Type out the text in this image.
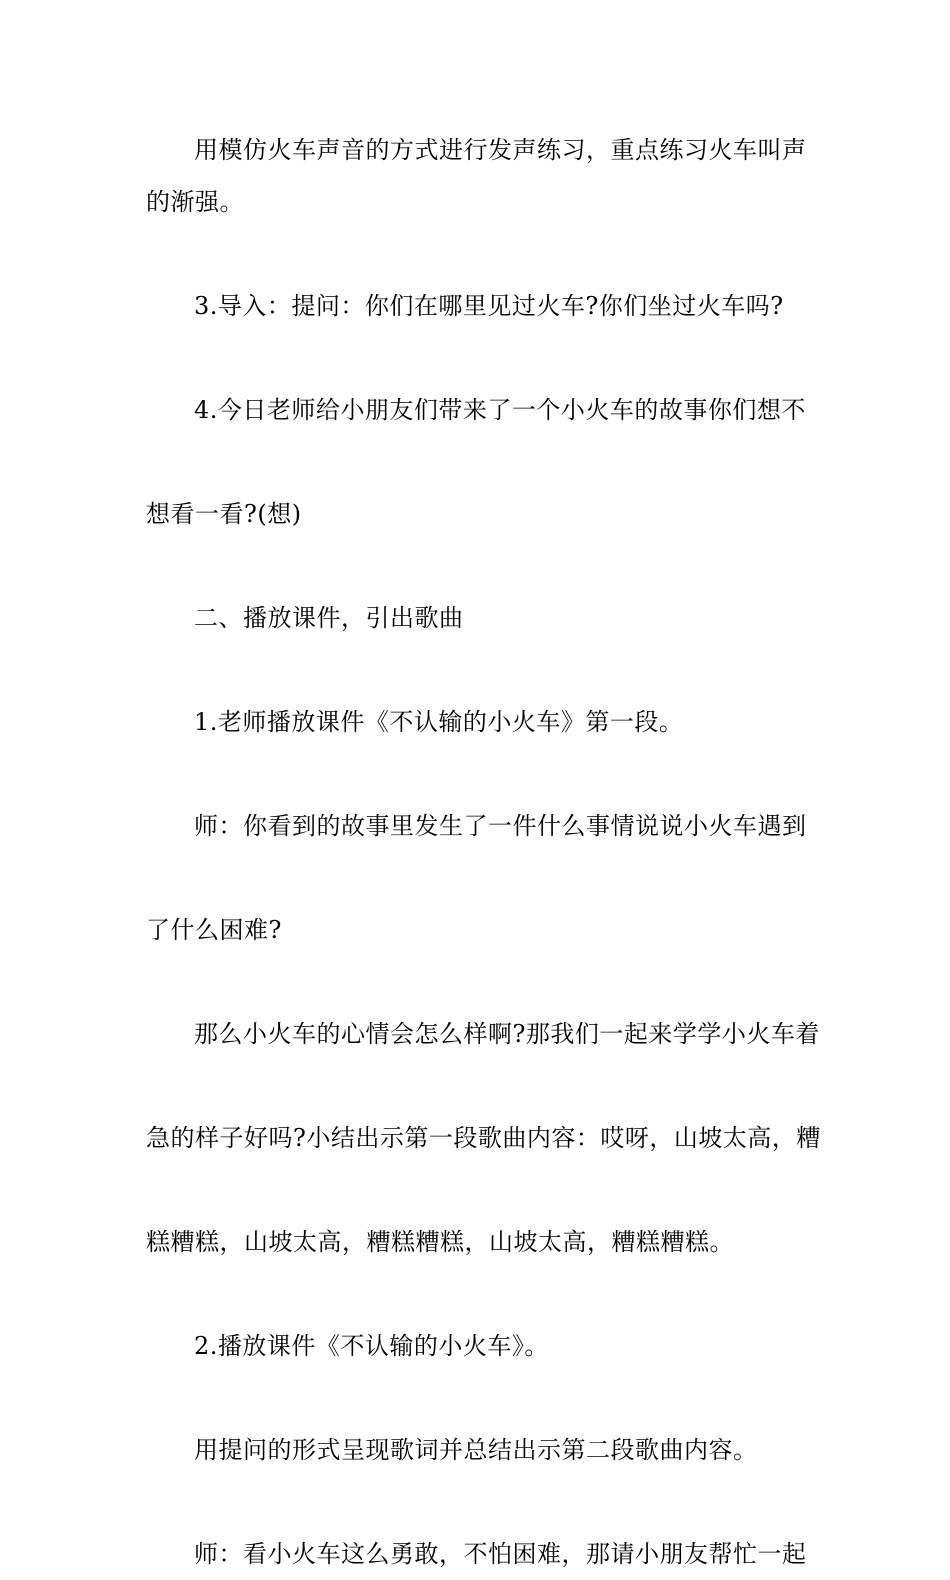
用模仿火车声音的方式进行发声练习，重点练习火车叫声

的渐强。

3.导入：提问：你们在哪里见过火车?你们坐过火车吗?

4.今日老师给小朋友们带来了一个小火车的故事你们想不

想看一看?(想)

二、播放课件，引出歌曲

1.老师播放课件《不认输的小火车》第一段。

师：你看到的故事里发生了一件什么事情说说小火车遇到

了什么困难?

那么小火车的心情会怎么样啊?那我们一起来学学小火车着

急的样子好吗?小结出示第一段歌曲内容：哎呀，山坡太高，糟

糕糟糕，山坡太高，糟糕糟糕，山坡太高，糟糕糟糕。

2.播放课件《不认输的小火车》。

用提问的形式呈现歌词并总结出示第二段歌曲内容。

师：看小火车这么勇敢，不怕困难，那请小朋友帮忙一起
